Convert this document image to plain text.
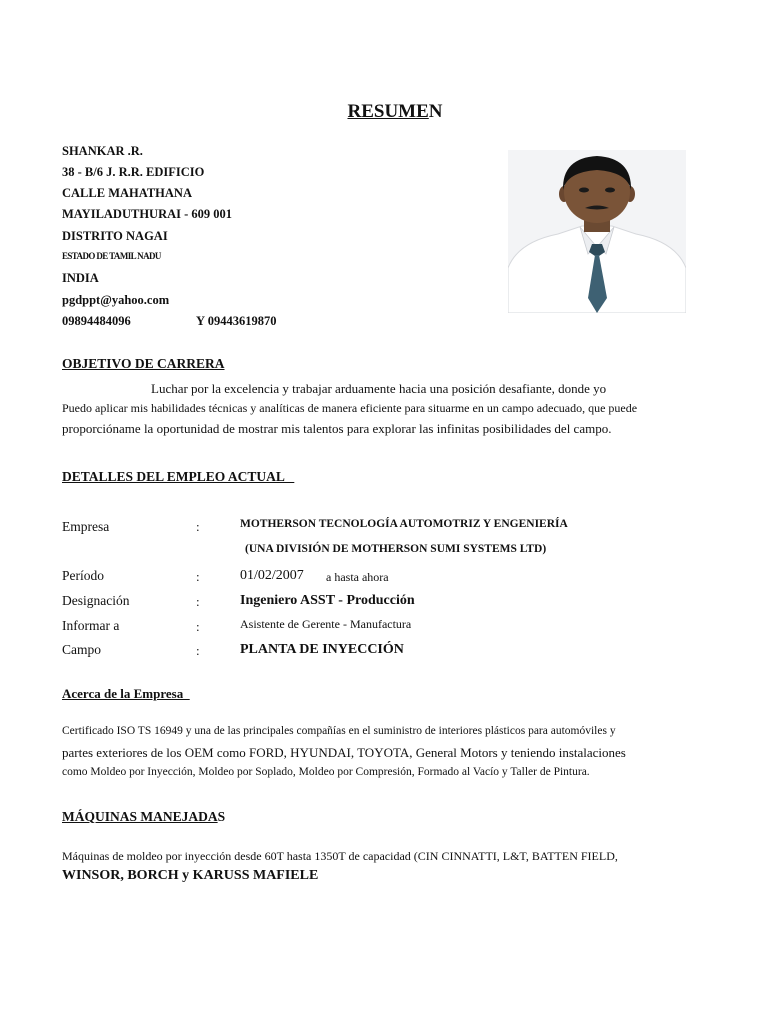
RESUMEN
SHANKAR .R.
38 - B/6 J. R.R. EDIFICIO
CALLE MAHATHANA
MAYILADUTHURAI - 609 001
DISTRITO NAGAI
ESTADO DE TAMIL NADU
INDIA
pgdppt@yahoo.com
09894484096	Y 09443619870
OBJETIVO DE CARRERA
Luchar por la excelencia y trabajar arduamente hacia una posición desafiante, donde yo
Puedo aplicar mis habilidades técnicas y analíticas de manera eficiente para situarme en un campo adecuado, que puede
proporcióname la oportunidad de mostrar mis talentos para explorar las infinitas posibilidades del campo.
DETALLES DEL EMPLEO ACTUAL
Empresa	:	MOTHERSON TECNOLOGÍA AUTOMOTRIZ Y ENGENIERÍA
(UNA DIVISIÓN DE MOTHERSON SUMI SYSTEMS LTD)
Período	:	01/02/2007 a hasta ahora
Designación	:	Ingeniero ASST - Producción
Informar a	:	Asistente de Gerente - Manufactura
Campo	:	PLANTA DE INYECCIÓN
Acerca de la Empresa
Certificado ISO TS 16949 y una de las principales compañías en el suministro de interiores plásticos para automóviles y
partes exteriores de los OEM como FORD, HYUNDAI, TOYOTA, General Motors y teniendo instalaciones
como Moldeo por Inyección, Moldeo por Soplado, Moldeo por Compresión, Formado al Vacío y Taller de Pintura.
MÁQUINAS MANEJADAS
Máquinas de moldeo por inyección desde 60T hasta 1350T de capacidad (CIN CINNATTI, L&T, BATTEN FIELD,
WINSOR, BORCH y KARUSS MAFIELE
